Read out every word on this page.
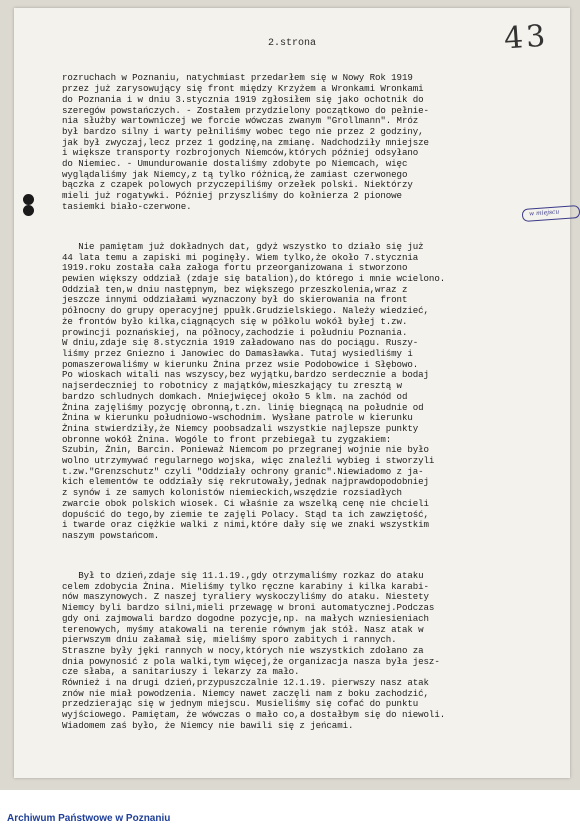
2.strona	43
w miejscu

rozruchach w Poznaniu, natychmiast przedarłem się w Nowy Rok 1919
przez już zarysowujący się front między Krzyżem a Wronkami Wronkami
do Poznania i w dniu 3.stycznia 1919 zgłosiłem się jako ochotnik do
szeregów powstańczych. - Zostałem przydzielony początkowo do pełnie-
nia służby wartowniczej we forcie wówczas zwanym "Grollmann". Mróz
był bardzo silny i warty pełniliśmy wobec tego nie przez 2 godziny,
jak był zwyczaj,lecz przez 1 godzinę,na zmianę. Nadchodziły mniejsze
i większe transporty rozbrojonych Niemców,których później odsyłano
do Niemiec. - Umundurowanie dostaliśmy zdobyte po Niemcach, więc
wyglądaliśmy jak Niemcy,z tą tylko różnicą,że zamiast czerwonego
bączka z czapek polowych przyczepiliśmy orzełek polski. Niektórzy
mieli już rogatywki. Później przyszliśmy do kołnierza 2 pionowe
tasiemki biało-czerwone.

Nie pamiętam już dokładnych dat, gdyż wszystko to działo się już
44 lata temu a zapiski mi poginęły. Wiem tylko,że około 7.stycznia
1919.roku została cała załoga fortu przeorganizowana i stworzono
pewien większy oddział (zdaje się batalion),do którego i mnie wcielono.
Oddział ten,w dniu następnym, bez większego przeszkolenia,wraz z
jeszcze innymi oddziałami wyznaczony był do skierowania na front
północny do grupy operacyjnej ppułk.Grudzielskiego. Należy wiedzieć,
że frontów było kilka,ciągnących się w półkolu wokół byłej t.zw.
prowincji poznańskiej, na północy,zachodzie i południu Poznania.
W dniu,zdaje się 8.stycznia 1919 załadowano nas do pociągu. Ruszy-
liśmy przez Gniezno i Janowiec do Damasławka. Tutaj wysiedliśmy i
pomaszerowaliśmy w kierunku Żnina przez wsie Podobowice i Słębowo.
Po wioskach witali nas wszyscy,bez wyjątku,bardzo serdecznie a bodaj
najserdeczniej to robotnicy z majątków,mieszkający tu zresztą w
bardzo schludnych domkach. Mniejwięcej około 5 klm. na zachód od
Żnina zajęliśmy pozycję obronną,t.zn. linię biegnącą na południe od
Żnina w kierunku południowo-wschodnim. Wysłane patrole w kierunku
Żnina stwierdziły,że Niemcy poobsadzali wszystkie najlepsze punkty
obronne wokół Żnina. Wogóle to front przebiegał tu zygzakiem:
Szubin, Żnin, Barcin. Ponieważ Niemcom po przegranej wojnie nie było
wolno utrzymywać regularnego wojska, więc znaleźli wybieg i stworzyli
t.zw."Grenzschutz" czyli "Oddziały ochrony granic".Niewiadomo z ja-
kich elementów te oddziały się rekrutowały,jednak najprawdopodobniej
z synów i ze samych kolonistów niemieckich,wszędzie rozsiadłych
zwarcie obok polskich wiosek. Ci właśnie za wszelką cenę nie chcieli
dopuścić do tego,by ziemie te zajęli Polacy. Stąd ta ich zawziętość,
i twarde oraz ciężkie walki z nimi,które dały się we znaki wszystkim
naszym powstańcom.

Był to dzień,zdaje się 11.1.19.,gdy otrzymaliśmy rozkaz do ataku
celem zdobycia Żnina. Mieliśmy tylko ręczne karabiny i kilka karabi-
nów maszynowych. Z naszej tyraliery wyskoczyliśmy do ataku. Niestety
Niemcy byli bardzo silni,mieli przewagę w broni automatycznej.Podczas
gdy oni zajmowali bardzo dogodne pozycje,np. na małych wzniesieniach
terenowych, myśmy atakowali na terenie równym jak stół. Nasz atak w
pierwszym dniu załamał się, mieliśmy sporo zabitych i rannych.
Straszne były jęki rannych w nocy,których nie wszystkich zdołano za
dnia powynosić z pola walki,tym więcej,że organizacja nasza była jesz-
cze słaba, a sanitariuszy i lekarzy za mało.
Również i na drugi dzień,przypuszczalnie 12.1.19. pierwszy nasz atak
znów nie miał powodzenia. Niemcy nawet zaczęli nam z boku zachodzić,
przedzierając się w jednym miejscu. Musieliśmy się cofać do punktu
wyjściowego. Pamiętam, że wówczas o mało co,a dostałbym się do niewoli.
Wiadomem zaś było, że Niemcy nie bawili się z jeńcami.

Archiwum Państwowe w Poznaniu
